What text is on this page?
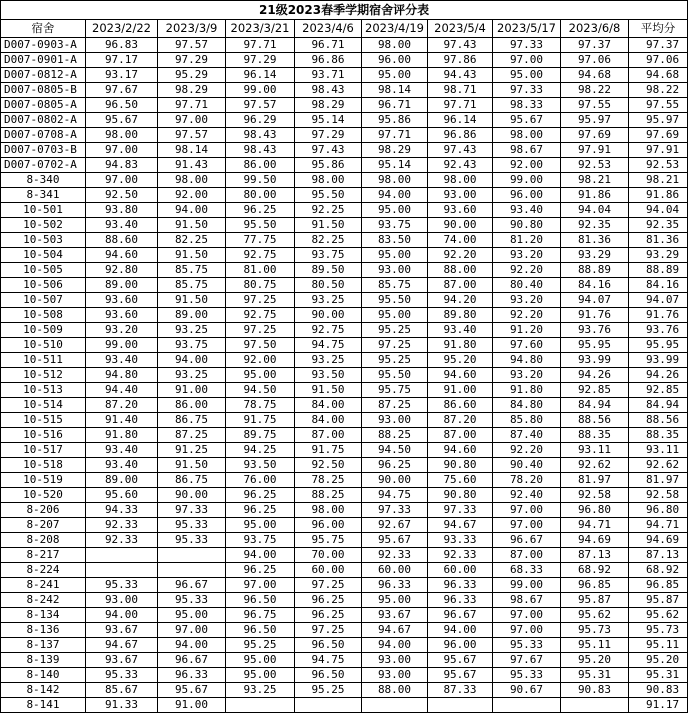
21级2023春季学期宿舍评分表									
宿舍	2023/2/22	2023/3/9	2023/3/21	2023/4/6	2023/4/19	2023/5/4	2023/5/17	2023/6/8	平均分
D007-0903-A	96.83	97.57	97.71	96.71	98.00	97.43	97.33	97.37	97.37
D007-0901-A	97.17	97.29	97.29	96.86	96.00	97.86	97.00	97.06	97.06
D007-0812-A	93.17	95.29	96.14	93.71	95.00	94.43	95.00	94.68	94.68
D007-0805-B	97.67	98.29	99.00	98.43	98.14	98.71	97.33	98.22	98.22
D007-0805-A	96.50	97.71	97.57	98.29	96.71	97.71	98.33	97.55	97.55
D007-0802-A	95.67	97.00	96.29	95.14	95.86	96.14	95.67	95.97	95.97
D007-0708-A	98.00	97.57	98.43	97.29	97.71	96.86	98.00	97.69	97.69
D007-0703-B	97.00	98.14	98.43	97.43	98.29	97.43	98.67	97.91	97.91
D007-0702-A	94.83	91.43	86.00	95.86	95.14	92.43	92.00	92.53	92.53
8-340	97.00	98.00	99.50	98.00	98.00	98.00	99.00	98.21	98.21
8-341	92.50	92.00	80.00	95.50	94.00	93.00	96.00	91.86	91.86
10-501	93.80	94.00	96.25	92.25	95.00	93.60	93.40	94.04	94.04
10-502	93.40	91.50	95.50	91.50	93.75	90.00	90.80	92.35	92.35
10-503	88.60	82.25	77.75	82.25	83.50	74.00	81.20	81.36	81.36
10-504	94.60	91.50	92.75	93.75	95.00	92.20	93.20	93.29	93.29
10-505	92.80	85.75	81.00	89.50	93.00	88.00	92.20	88.89	88.89
10-506	89.00	85.75	80.75	80.50	85.75	87.00	80.40	84.16	84.16
10-507	93.60	91.50	97.25	93.25	95.50	94.20	93.20	94.07	94.07
10-508	93.60	89.00	92.75	90.00	95.00	89.80	92.20	91.76	91.76
10-509	93.20	93.25	97.25	92.75	95.25	93.40	91.20	93.76	93.76
10-510	99.00	93.75	97.50	94.75	97.25	91.80	97.60	95.95	95.95
10-511	93.40	94.00	92.00	93.25	95.25	95.20	94.80	93.99	93.99
10-512	94.80	93.25	95.00	93.50	95.50	94.60	93.20	94.26	94.26
10-513	94.40	91.00	94.50	91.50	95.75	91.00	91.80	92.85	92.85
10-514	87.20	86.00	78.75	84.00	87.25	86.60	84.80	84.94	84.94
10-515	91.40	86.75	91.75	84.00	93.00	87.20	85.80	88.56	88.56
10-516	91.80	87.25	89.75	87.00	88.25	87.00	87.40	88.35	88.35
10-517	93.40	91.25	94.25	91.75	94.50	94.60	92.20	93.11	93.11
10-518	93.40	91.50	93.50	92.50	96.25	90.80	90.40	92.62	92.62
10-519	89.00	86.75	76.00	78.25	90.00	75.60	78.20	81.97	81.97
10-520	95.60	90.00	96.25	88.25	94.75	90.80	92.40	92.58	92.58
8-206	94.33	97.33	96.25	98.00	97.33	97.33	97.00	96.80	96.80
8-207	92.33	95.33	95.00	96.00	92.67	94.67	97.00	94.71	94.71
8-208	92.33	95.33	93.75	95.75	95.67	93.33	96.67	94.69	94.69
8-217			94.00	70.00	92.33	92.33	87.00	87.13	87.13
8-224			96.25	60.00	60.00	60.00	68.33	68.92	68.92
8-241	95.33	96.67	97.00	97.25	96.33	96.33	99.00	96.85	96.85
8-242	93.00	95.33	96.50	96.25	95.00	96.33	98.67	95.87	95.87
8-134	94.00	95.00	96.75	96.25	93.67	96.67	97.00	95.62	95.62
8-136	93.67	97.00	96.50	97.25	94.67	94.00	97.00	95.73	95.73
8-137	94.67	94.00	95.25	96.50	94.00	96.00	95.33	95.11	95.11
8-139	93.67	96.67	95.00	94.75	93.00	95.67	97.67	95.20	95.20
8-140	95.33	96.33	95.00	96.50	93.00	95.67	95.33	95.31	95.31
8-142	85.67	95.67	93.25	95.25	88.00	87.33	90.67	90.83	90.83
8-141	91.33	91.00							91.17
